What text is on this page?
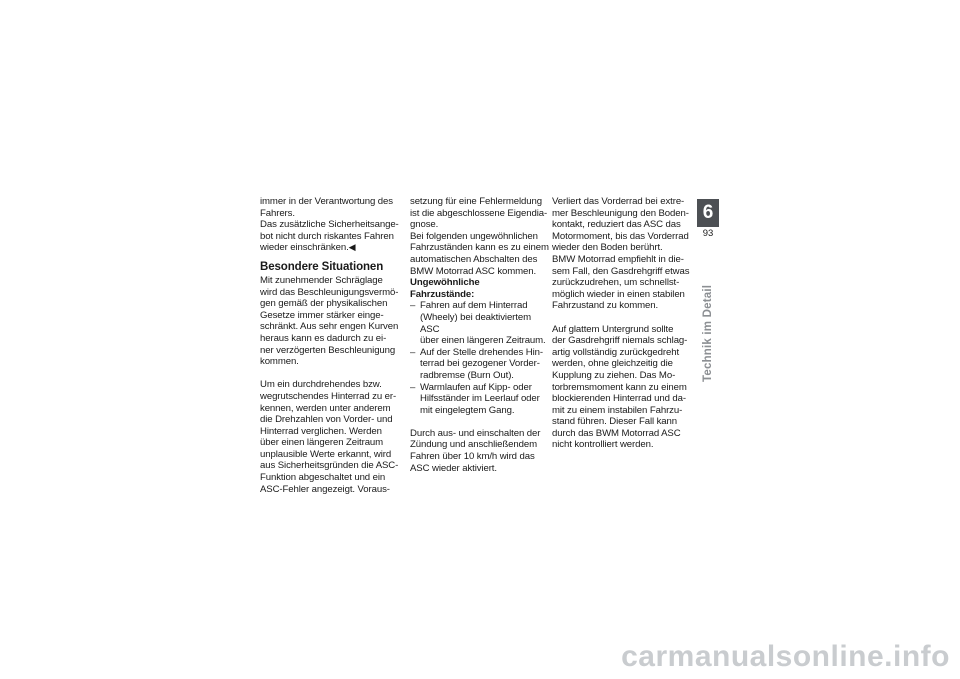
immer in der Verantwortung des
Fahrers.

Das zusätzliche Sicherheitsange-
bot nicht durch riskantes Fahren
wieder einschränken.◀

Besondere Situationen

Mit zunehmender Schräglage
wird das Beschleunigungsvermö-
gen gemäß der physikalischen
Gesetze immer stärker einge-
schränkt. Aus sehr engen Kurven
heraus kann es dadurch zu ei-
ner verzögerten Beschleunigung
kommen.

Um ein durchdrehendes bzw.
wegrutschendes Hinterrad zu er-
kennen, werden unter anderem
die Drehzahlen von Vorder- und
Hinterrad verglichen. Werden
über einen längeren Zeitraum
unplausible Werte erkannt, wird
aus Sicherheitsgründen die ASC-
Funktion abgeschaltet und ein
ASC-Fehler angezeigt. Voraus-

setzung für eine Fehlermeldung
ist die abgeschlossene Eigendia-
gnose.

Bei folgenden ungewöhnlichen
Fahrzuständen kann es zu einem
automatischen Abschalten des
BMW Motorrad ASC kommen.

Ungewöhnliche
Fahrzustände:

– Fahren auf dem Hinterrad
(Wheely) bei deaktiviertem ASC
über einen längeren Zeitraum.
– Auf der Stelle drehendes Hin-
terrad bei gezogener Vorder-
radbremse (Burn Out).
– Warmlaufen auf Kipp- oder
Hilfsständer im Leerlauf oder
mit eingelegtem Gang.

Durch aus- und einschalten der
Zündung und anschließendem
Fahren über 10 km/h wird das
ASC wieder aktiviert.

Verliert das Vorderrad bei extre-
mer Beschleunigung den Boden-
kontakt, reduziert das ASC das
Motormoment, bis das Vorderrad
wieder den Boden berührt.

BMW Motorrad empfiehlt in die-
sem Fall, den Gasdrehgriff etwas
zurückzudrehen, um schnellst-
möglich wieder in einen stabilen
Fahrzustand zu kommen.

Auf glattem Untergrund sollte
der Gasdrehgriff niemals schlag-
artig vollständig zurückgedreht
werden, ohne gleichzeitig die
Kupplung zu ziehen. Das Mo-
torbremsmoment kann zu einem
blockierenden Hinterrad und da-
mit zu einem instabilen Fahrzu-
stand führen. Dieser Fall kann
durch das BWM Motorrad ASC
nicht kontrolliert werden.

6
93
Technik im Detail
carmanualsonline.info
